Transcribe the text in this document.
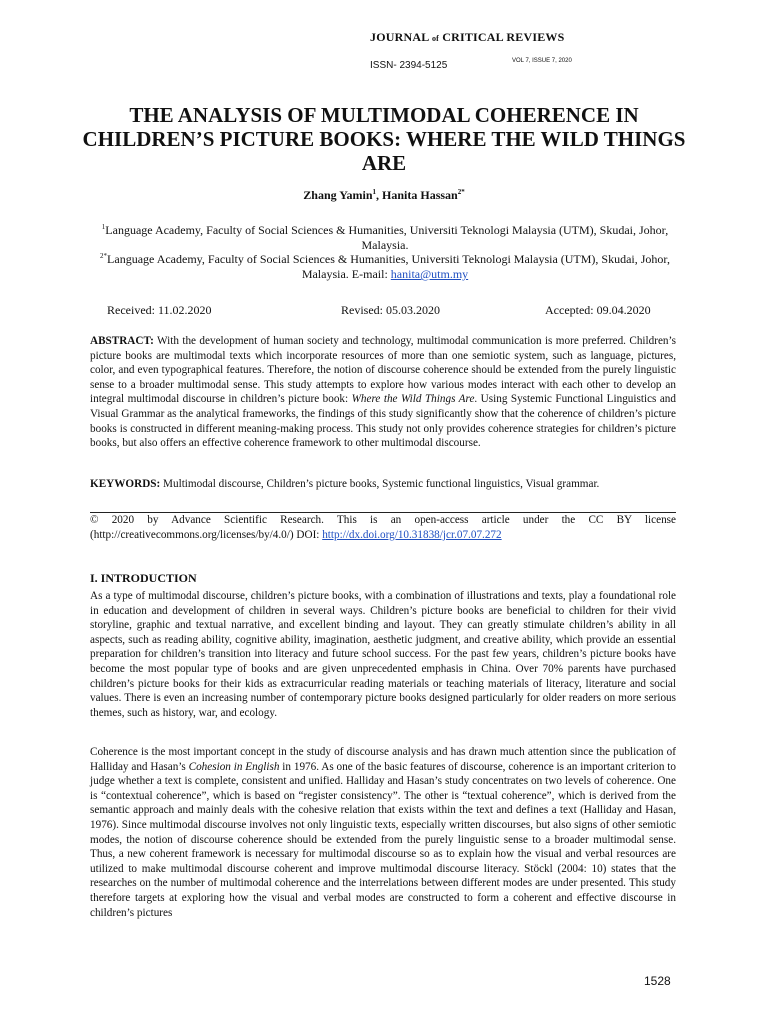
JOURNAL of CRITICAL REVIEWS
ISSN- 2394-5125	VOL 7, ISSUE 7, 2020
THE ANALYSIS OF MULTIMODAL COHERENCE IN CHILDREN’S PICTURE BOOKS: WHERE THE WILD THINGS ARE
Zhang Yamin$^1$, Hanita Hassan$^{2*}$
$^1$Language Academy, Faculty of Social Sciences & Humanities, Universiti Teknologi Malaysia (UTM), Skudai, Johor, Malaysia.
$^{2*}$Language Academy, Faculty of Social Sciences & Humanities, Universiti Teknologi Malaysia (UTM), Skudai, Johor, Malaysia. E-mail: hanita@utm.my
Received: 11.02.2020	Revised: 05.03.2020	Accepted: 09.04.2020
ABSTRACT: With the development of human society and technology, multimodal communication is more preferred. Children’s picture books are multimodal texts which incorporate resources of more than one semiotic system, such as language, pictures, color, and even typographical features. Therefore, the notion of discourse coherence should be extended from the purely linguistic sense to a broader multimodal sense. This study attempts to explore how various modes interact with each other to develop an integral multimodal discourse in children’s picture book: Where the Wild Things Are. Using Systemic Functional Linguistics and Visual Grammar as the analytical frameworks, the findings of this study significantly show that the coherence of children’s picture books is constructed in different meaning-making process. This study not only provides coherence strategies for children’s picture books, but also offers an effective coherence framework to other multimodal discourse.
KEYWORDS: Multimodal discourse, Children’s picture books, Systemic functional linguistics, Visual grammar.
© 2020 by Advance Scientific Research. This is an open-access article under the CC BY license (http://creativecommons.org/licenses/by/4.0/) DOI: http://dx.doi.org/10.31838/jcr.07.07.272
I. INTRODUCTION
As a type of multimodal discourse, children’s picture books, with a combination of illustrations and texts, play a foundational role in education and development of children in several ways. Children’s picture books are beneficial to children for their vivid storyline, graphic and textual narrative, and excellent binding and layout. They can greatly stimulate children’s ability in all aspects, such as reading ability, cognitive ability, imagination, aesthetic judgment, and creative ability, which provide an essential preparation for children’s transition into literacy and future school success. For the past few years, children’s picture books have become the most popular type of books and are given unprecedented emphasis in China. Over 70% parents have purchased children’s picture books for their kids as extracurricular reading materials or teaching materials of literacy, literature and social values. There is even an increasing number of contemporary picture books designed particularly for older readers on more serious themes, such as history, war, and ecology.
Coherence is the most important concept in the study of discourse analysis and has drawn much attention since the publication of Halliday and Hasan’s Cohesion in English in 1976. As one of the basic features of discourse, coherence is an important criterion to judge whether a text is complete, consistent and unified. Halliday and Hasan’s study concentrates on two levels of coherence. One is “contextual coherence”, which is based on “register consistency”. The other is “textual coherence”, which is derived from the semantic approach and mainly deals with the cohesive relation that exists within the text and defines a text (Halliday and Hasan, 1976). Since multimodal discourse involves not only linguistic texts, especially written discourses, but also signs of other semiotic modes, the notion of discourse coherence should be extended from the purely linguistic sense to a broader multimodal sense. Thus, a new coherent framework is necessary for multimodal discourse so as to explain how the visual and verbal resources are utilized to make multimodal discourse coherent and improve multimodal discourse literacy. Stöckl (2004: 10) states that the researches on the number of multimodal coherence and the interrelations between different modes are under presented. This study therefore targets at exploring how the visual and verbal modes are constructed to form a coherent and effective discourse in children’s pictures
1528
